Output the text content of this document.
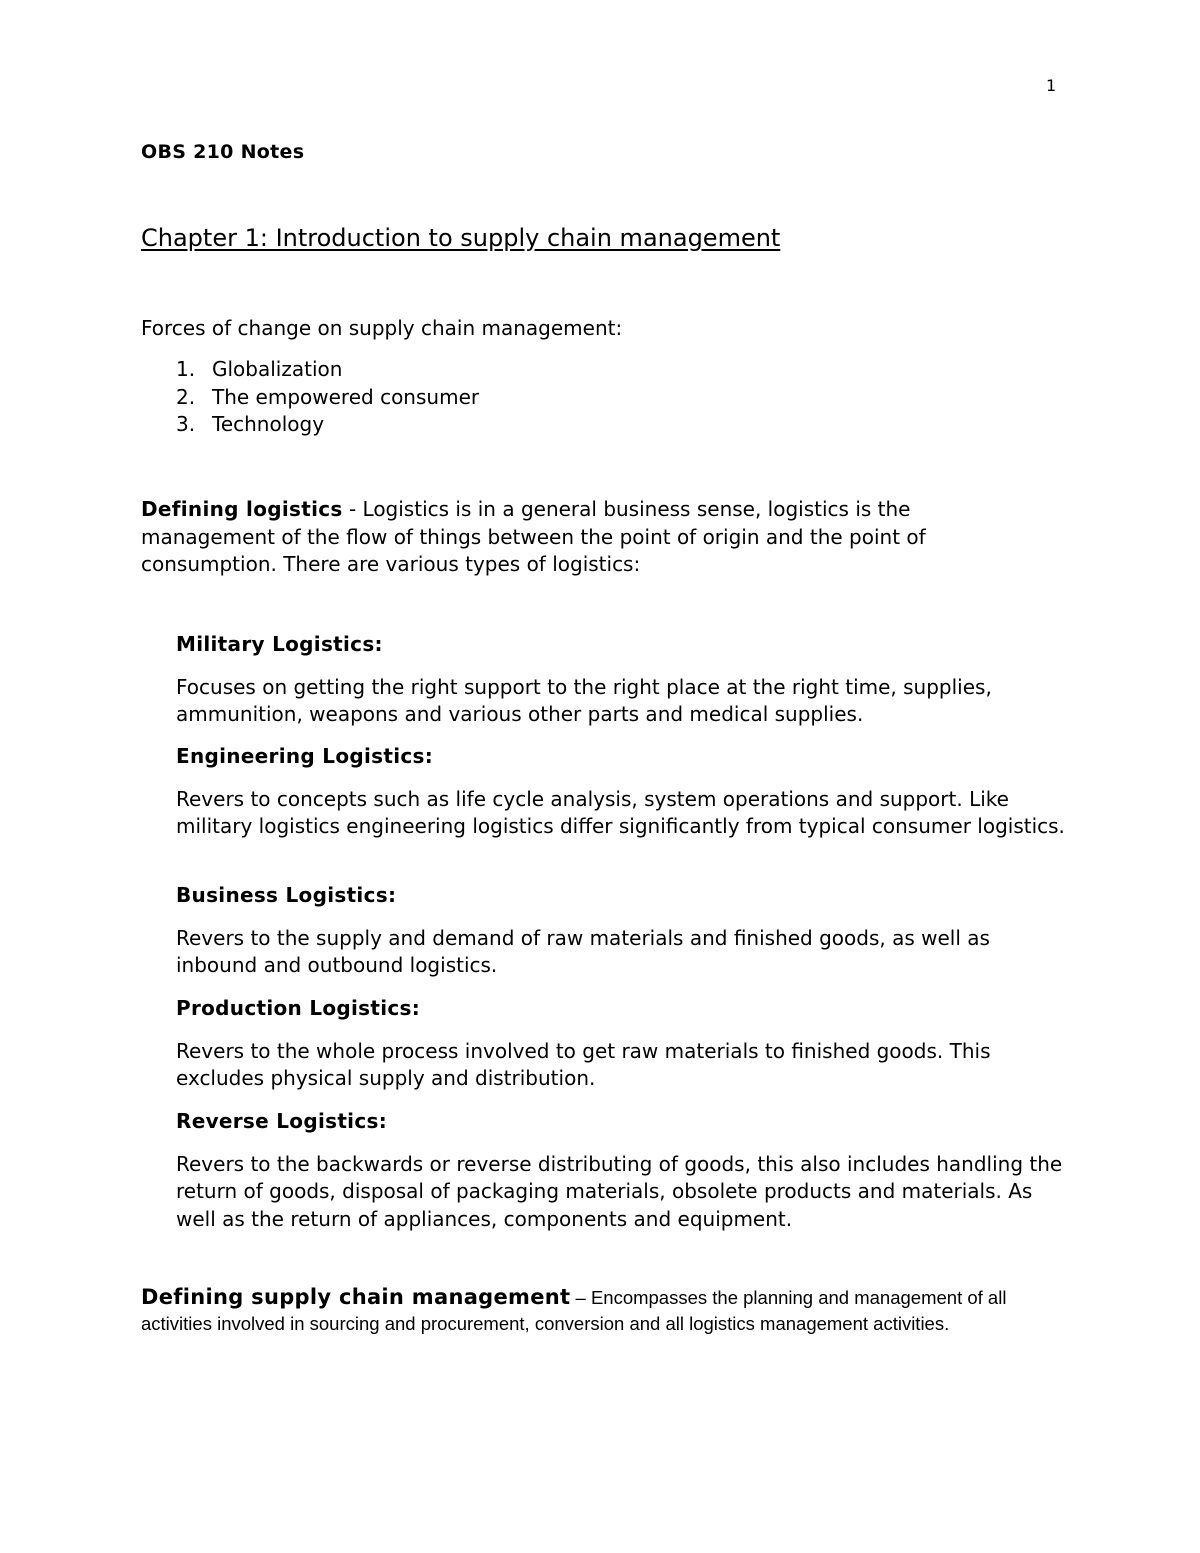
1
OBS 210 Notes
Chapter 1: Introduction to supply chain management
Forces of change on supply chain management:
1. Globalization
2. The empowered consumer
3. Technology
Defining logistics - Logistics is in a general business sense, logistics is the management of the flow of things between the point of origin and the point of consumption. There are various types of logistics:
Military Logistics:
Focuses on getting the right support to the right place at the right time, supplies, ammunition, weapons and various other parts and medical supplies.
Engineering Logistics:
Revers to concepts such as life cycle analysis, system operations and support. Like military logistics engineering logistics differ significantly from typical consumer logistics.
Business Logistics:
Revers to the supply and demand of raw materials and finished goods, as well as inbound and outbound logistics.
Production Logistics:
Revers to the whole process involved to get raw materials to finished goods. This excludes physical supply and distribution.
Reverse Logistics:
Revers to the backwards or reverse distributing of goods, this also includes handling the return of goods, disposal of packaging materials, obsolete products and materials. As well as the return of appliances, components and equipment.
Defining supply chain management – Encompasses the planning and management of all activities involved in sourcing and procurement, conversion and all logistics management activities.
